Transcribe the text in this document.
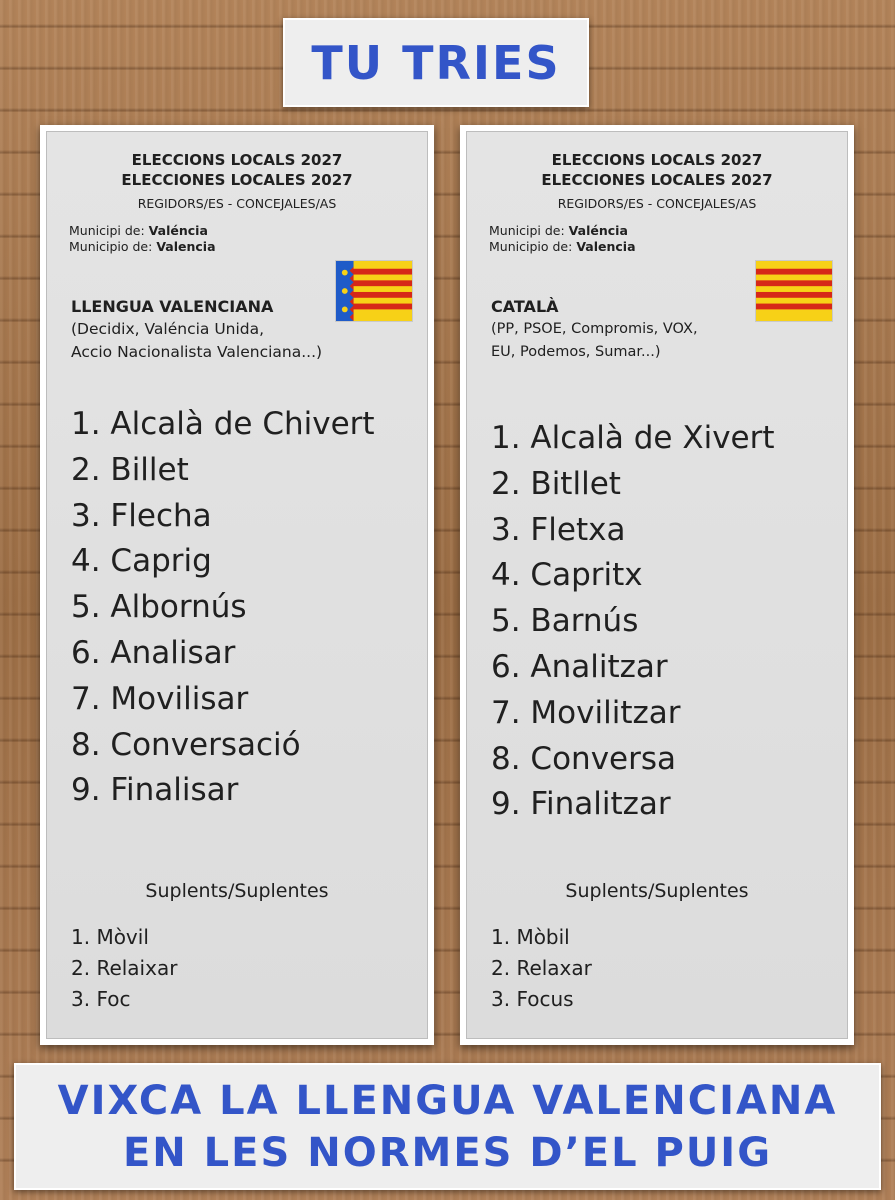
TU TRIES
ELECCIONS LOCALS 2027
ELECCIONES LOCALES 2027
REGIDORS/ES - CONCEJALES/AS
Municipi de: Valéncia
Municipio de: Valencia
LLENGUA VALENCIANA
(Decidix, Valéncia Unida,
Accio Nacionalista Valenciana...)
1. Alcalà de Chivert
2. Billet
3. Flecha
4. Caprig
5. Albornús
6. Analisar
7. Movilisar
8. Conversació
9. Finalisar
Suplents/Suplentes
1. Mòvil
2. Relaixar
3. Foc
ELECCIONS LOCALS 2027
ELECCIONES LOCALES 2027
REGIDORS/ES - CONCEJALES/AS
Municipi de: Valéncia
Municipio de: Valencia
CATALÀ
(PP, PSOE, Compromis, VOX,
EU, Podemos, Sumar...)
1. Alcalà de Xivert
2. Bitllet
3. Fletxa
4. Capritx
5. Barnús
6. Analitzar
7. Movilitzar
8. Conversa
9. Finalitzar
Suplents/Suplentes
1. Mòbil
2. Relaxar
3. Focus
VIXCA LA LLENGUA VALENCIANA
EN LES NORMES D’EL PUIG
